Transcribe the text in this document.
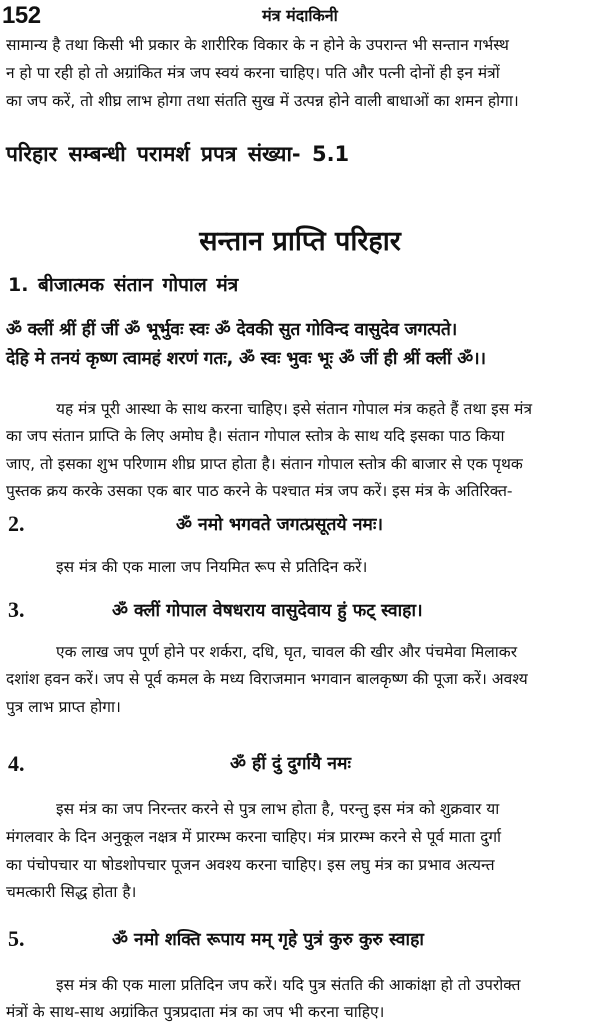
152	मंत्र मंदाकिनी
सामान्य है तथा किसी भी प्रकार के शारीरिक विकार के न होने के उपरान्त भी सन्तान गर्भस्थ
न हो पा रही हो तो अग्रांकित मंत्र जप स्वयं करना चाहिए। पति और पत्नी दोनों ही इन मंत्रों
का जप करें, तो शीघ्र लाभ होगा तथा संतति सुख में उत्पन्न होने वाली बाधाओं का शमन होगा।
परिहार सम्बन्धी परामर्श प्रपत्र संख्या- 5.1
सन्तान प्राप्ति परिहार
1. बीजात्मक संतान गोपाल मंत्र
ॐ क्लीं श्रीं हीं जीं ॐ भूर्भुवः स्वः ॐ देवकी सुत गोविन्द वासुदेव जगत्पते।
देहि मे तनयं कृष्ण त्वामहं शरणं गतः, ॐ स्वः भुवः भूः ॐ जीं ही श्रीं क्लीं ॐ।।
यह मंत्र पूरी आस्था के साथ करना चाहिए। इसे संतान गोपाल मंत्र कहते हैं तथा इस मंत्र
का जप संतान प्राप्ति के लिए अमोघ है। संतान गोपाल स्तोत्र के साथ यदि इसका पाठ किया
जाए, तो इसका शुभ परिणाम शीघ्र प्राप्त होता है। संतान गोपाल स्तोत्र की बाजार से एक पृथक
पुस्तक क्रय करके उसका एक बार पाठ करने के पश्चात मंत्र जप करें। इस मंत्र के अतिरिक्त-
2.	ॐ नमो भगवते जगत्प्रसूतये नमः।
इस मंत्र की एक माला जप नियमित रूप से प्रतिदिन करें।
3.	ॐ क्लीं गोपाल वेषधराय वासुदेवाय हुं फट् स्वाहा।
एक लाख जप पूर्ण होने पर शर्करा, दधि, घृत, चावल की खीर और पंचमेवा मिलाकर
दशांश हवन करें। जप से पूर्व कमल के मध्य विराजमान भगवान बालकृष्ण की पूजा करें। अवश्य
पुत्र लाभ प्राप्त होगा।
4.	ॐ हीं दुं दुर्गायै नमः
इस मंत्र का जप निरन्तर करने से पुत्र लाभ होता है, परन्तु इस मंत्र को शुक्रवार या
मंगलवार के दिन अनुकूल नक्षत्र में प्रारम्भ करना चाहिए। मंत्र प्रारम्भ करने से पूर्व माता दुर्गा
का पंचोपचार या षोडशोपचार पूजन अवश्य करना चाहिए। इस लघु मंत्र का प्रभाव अत्यन्त
चमत्कारी सिद्ध होता है।
5.	ॐ नमो शक्ति रूपाय मम् गृहे पुत्रं कुरु कुरु स्वाहा
इस मंत्र की एक माला प्रतिदिन जप करें। यदि पुत्र संतति की आकांक्षा हो तो उपरोक्त
मंत्रों के साथ-साथ अग्रांकित पुत्रप्रदाता मंत्र का जप भी करना चाहिए।
